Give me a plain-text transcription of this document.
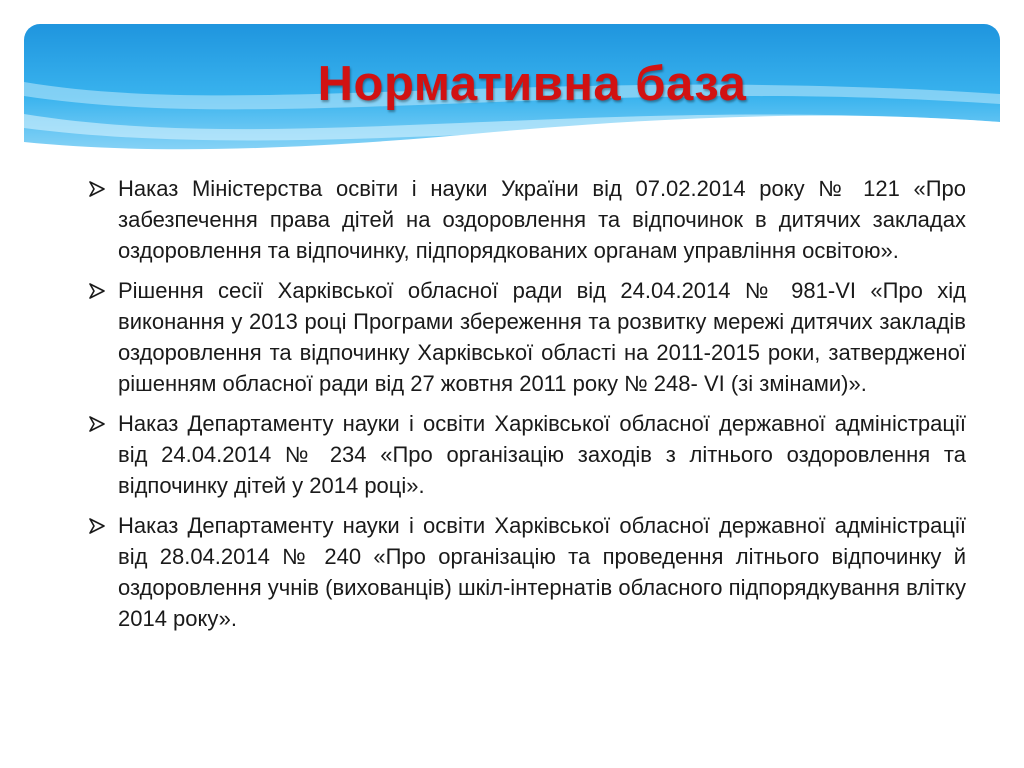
Нормативна база
Наказ Міністерства освіти і науки України від 07.02.2014 року № 121 «Про забезпечення права дітей на оздоровлення та відпочинок в дитячих закладах оздоровлення та відпочинку, підпорядкованих органам управління освітою».
Рішення сесії Харківської обласної ради від 24.04.2014 № 981-VI «Про хід виконання у 2013 році Програми збереження та розвитку мережі дитячих закладів оздоровлення та відпочинку Харківської області на 2011-2015 роки, затвердженої рішенням обласної ради від 27 жовтня 2011 року № 248- VI (зі змінами)».
Наказ Департаменту науки і освіти Харківської обласної державної адміністрації від 24.04.2014 № 234 «Про організацію заходів з літнього оздоровлення та відпочинку дітей у 2014 році».
Наказ Департаменту науки і освіти Харківської обласної державної адміністрації від 28.04.2014 № 240 «Про організацію та проведення літнього відпочинку й оздоровлення учнів (вихованців) шкіл-інтернатів обласного підпорядкування влітку 2014 року».
